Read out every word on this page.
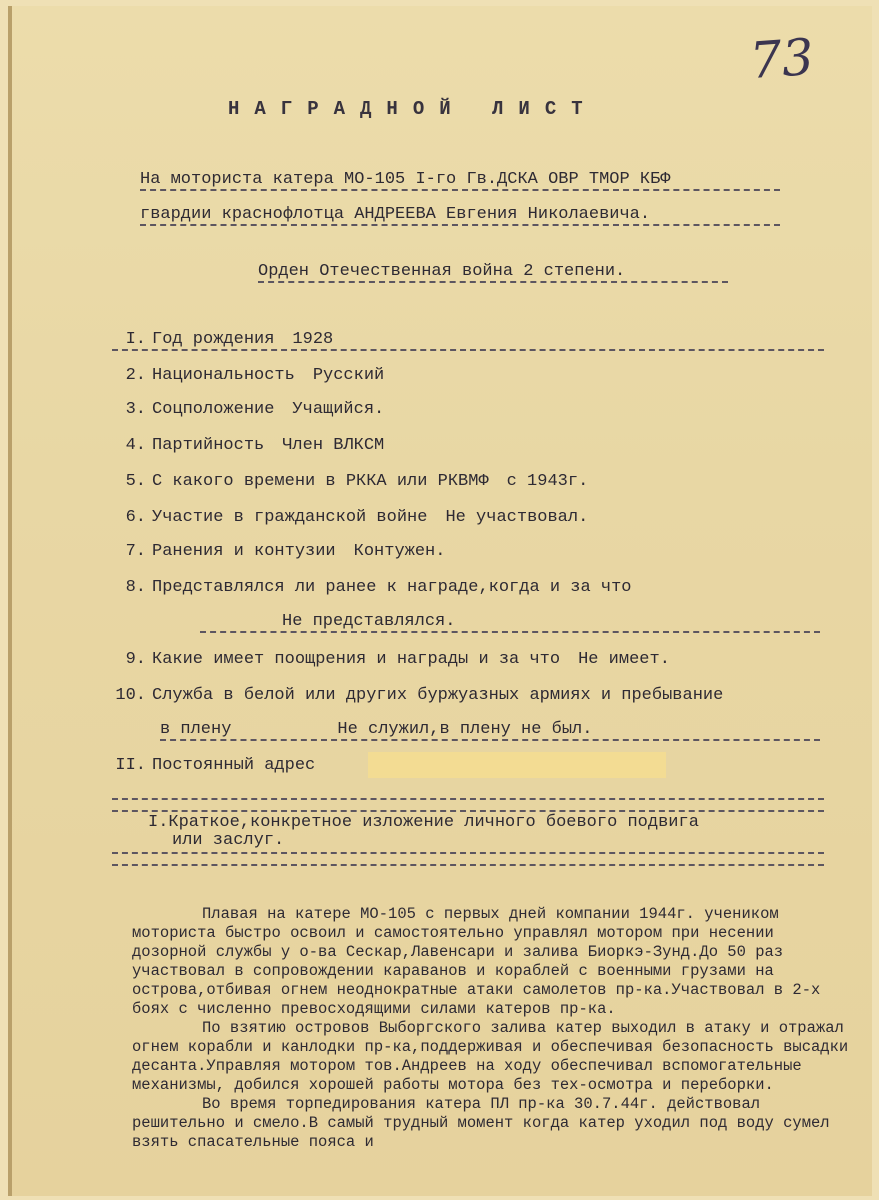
73
НАГРАДНОЙ ЛИСТ
На моториста катера МО-105 I-го Гв.ДСКА ОВР ТМОР КБФ
гвардии краснофлотца АНДРЕЕВА Евгения Николаевича.
Орден Отечественная война 2 степени.
I. Год рождения 1928
2. Национальность Русский
3. Соцположение Учащийся.
4. Партийность Член ВЛКСМ
5. С какого времени в РККА или РКВМФ с 1943г.
6. Участие в гражданской войне Не участвовал.
7. Ранения и контузии Контужен.
8. Представлялся ли ранее к награде,когда и за что
Не представлялся.
9. Какие имеет поощрения и награды и за что Не имеет.
10. Служба в белой или других буржуазных армиях и пребывание
в плену	Не служил,в плену не был.
II. Постоянный адрес
I.Краткое,конкретное изложение личного боевого подвига
или заслуг.

Плавая на катере МО-105 с первых дней компании 1944г. учеником моториста быстро освоил и самостоятельно управлял мотором при несении дозорной службы у о-ва Сескар,Лавенсари и залива Биоркэ-Зунд.До 50 раз участвовал в сопровождении караванов и кораблей с военными грузами на острова,отбивая огнем неоднократные атаки самолетов пр-ка.Участвовал в 2-х боях с численно превосходящими силами катеров пр-ка.

По взятию островов Выборгского залива катер выходил в атаку и отражал огнем корабли и канлодки пр-ка,поддерживая и обеспечивая безопасность высадки десанта.Управляя мотором тов.Андреев на ходу обеспечивал вспомогательные механизмы, добился хорошей работы мотора без тех-осмотра и переборки.

Во время торпедирования катера ПЛ пр-ка 30.7.44г. действовал решительно и смело.В самый трудный момент когда катер уходил под воду сумел взять спасательные пояса и
